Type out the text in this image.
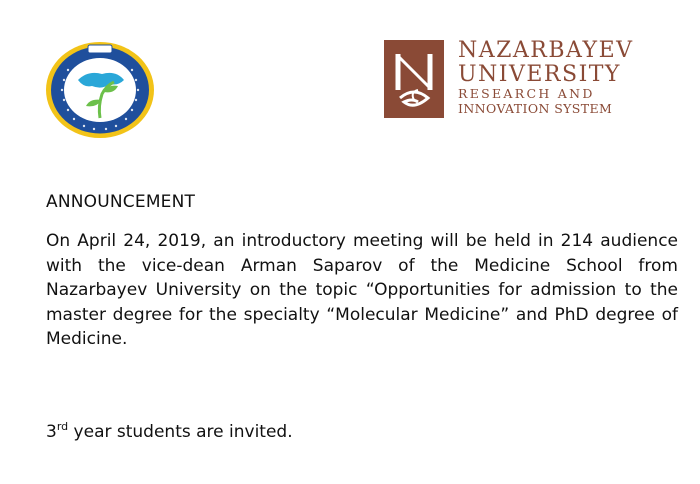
NAZARBAYEV
UNIVERSITY
RESEARCH AND
INNOVATION SYSTEM
ANNOUNCEMENT
On April 24, 2019, an introductory meeting will be held in 214 audience with the vice-dean Arman Saparov of the Medicine School from Nazarbayev University on the topic “Opportunities for admission to the master degree for the specialty “Molecular Medicine” and PhD degree of Medicine.
3rd year students are invited.
